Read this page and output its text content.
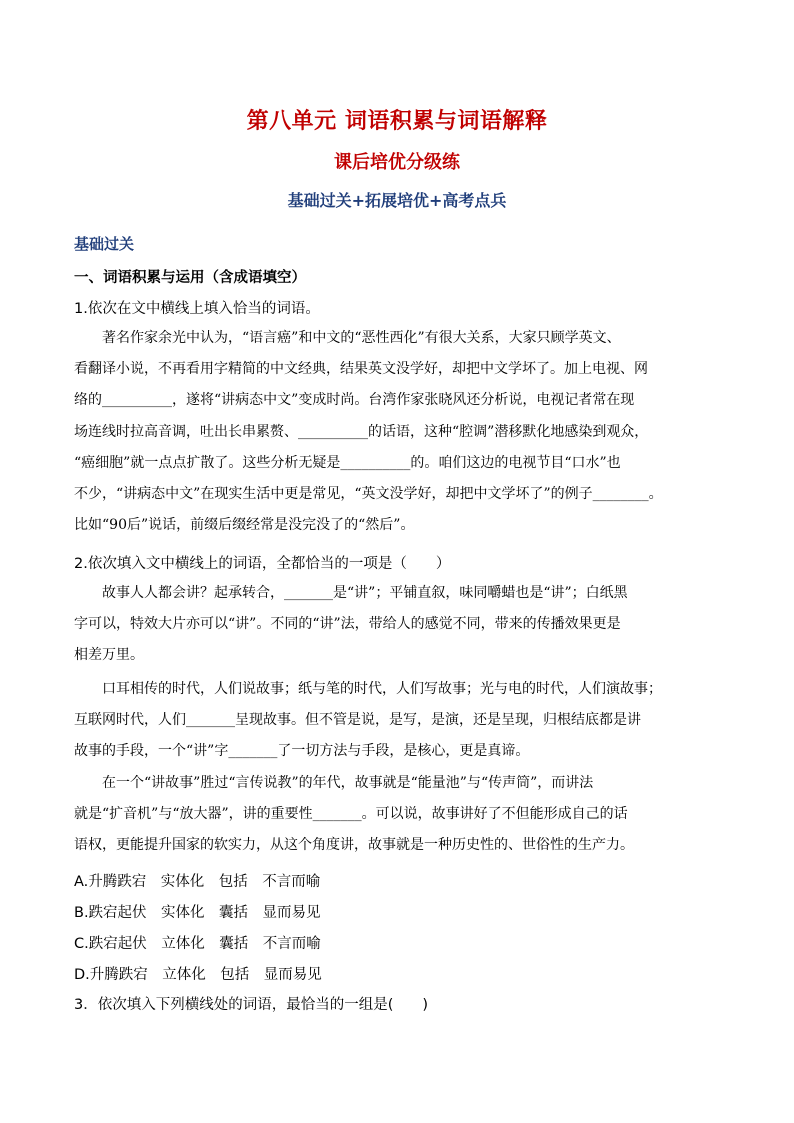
第八单元 词语积累与词语解释
课后培优分级练
基础过关+拓展培优+高考点兵
基础过关
一、词语积累与运用（含成语填空）
1.依次在文中横线上填入恰当的词语。
著名作家余光中认为，“语言癌”和中文的“恶性西化”有很大关系，大家只顾学英文、
看翻译小说，不再看用字精简的中文经典，结果英文没学好，却把中文学坏了。加上电视、网
络的__________，遂将“讲病态中文”变成时尚。台湾作家张晓风还分析说，电视记者常在现
场连线时拉高音调，吐出长串累赘、__________的话语，这种“腔调”潜移默化地感染到观众，
“癌细胞”就一点点扩散了。这些分析无疑是__________的。咱们这边的电视节目“口水”也
不少，“讲病态中文”在现实生活中更是常见，“英文没学好，却把中文学坏了”的例子________。
比如“90后”说话，前缀后缀经常是没完没了的“然后”。
2.依次填入文中横线上的词语，全都恰当的一项是（　　）
故事人人都会讲？起承转合，_______是“讲”；平铺直叙，味同嚼蜡也是“讲”；白纸黑
字可以，特效大片亦可以“讲”。不同的“讲”法，带给人的感觉不同，带来的传播效果更是
相差万里。
口耳相传的时代，人们说故事；纸与笔的时代，人们写故事；光与电的时代，人们演故事；
互联网时代，人们_______呈现故事。但不管是说，是写，是演，还是呈现，归根结底都是讲
故事的手段，一个“讲”字_______了一切方法与手段，是核心，更是真谛。
在一个“讲故事”胜过“言传说教”的年代，故事就是“能量池”与“传声筒”，而讲法
就是“扩音机”与“放大器”，讲的重要性_______。可以说，故事讲好了不但能形成自己的话
语权，更能提升国家的软实力，从这个角度讲，故事就是一种历史性的、世俗性的生产力。
A.升腾跌宕　实体化　包括　不言而喻
B.跌宕起伏　实体化　囊括　显而易见
C.跌宕起伏　立体化　囊括　不言而喻
D.升腾跌宕　立体化　包括　显而易见
3．依次填入下列横线处的词语，最恰当的一组是(　　)
